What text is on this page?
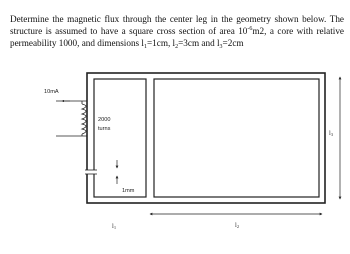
Determine the magnetic flux through the center leg in the geometry shown below. The structure is assumed to have a square cross section of area $10^{-6}m2$, a core with relative permeability 1000, and dimensions $l_1=1cm$, $l_2=3cm$ and $l_3=2cm$

10mA
2000
turns
1mm
$l_1$	$l_2$
$l_3$
